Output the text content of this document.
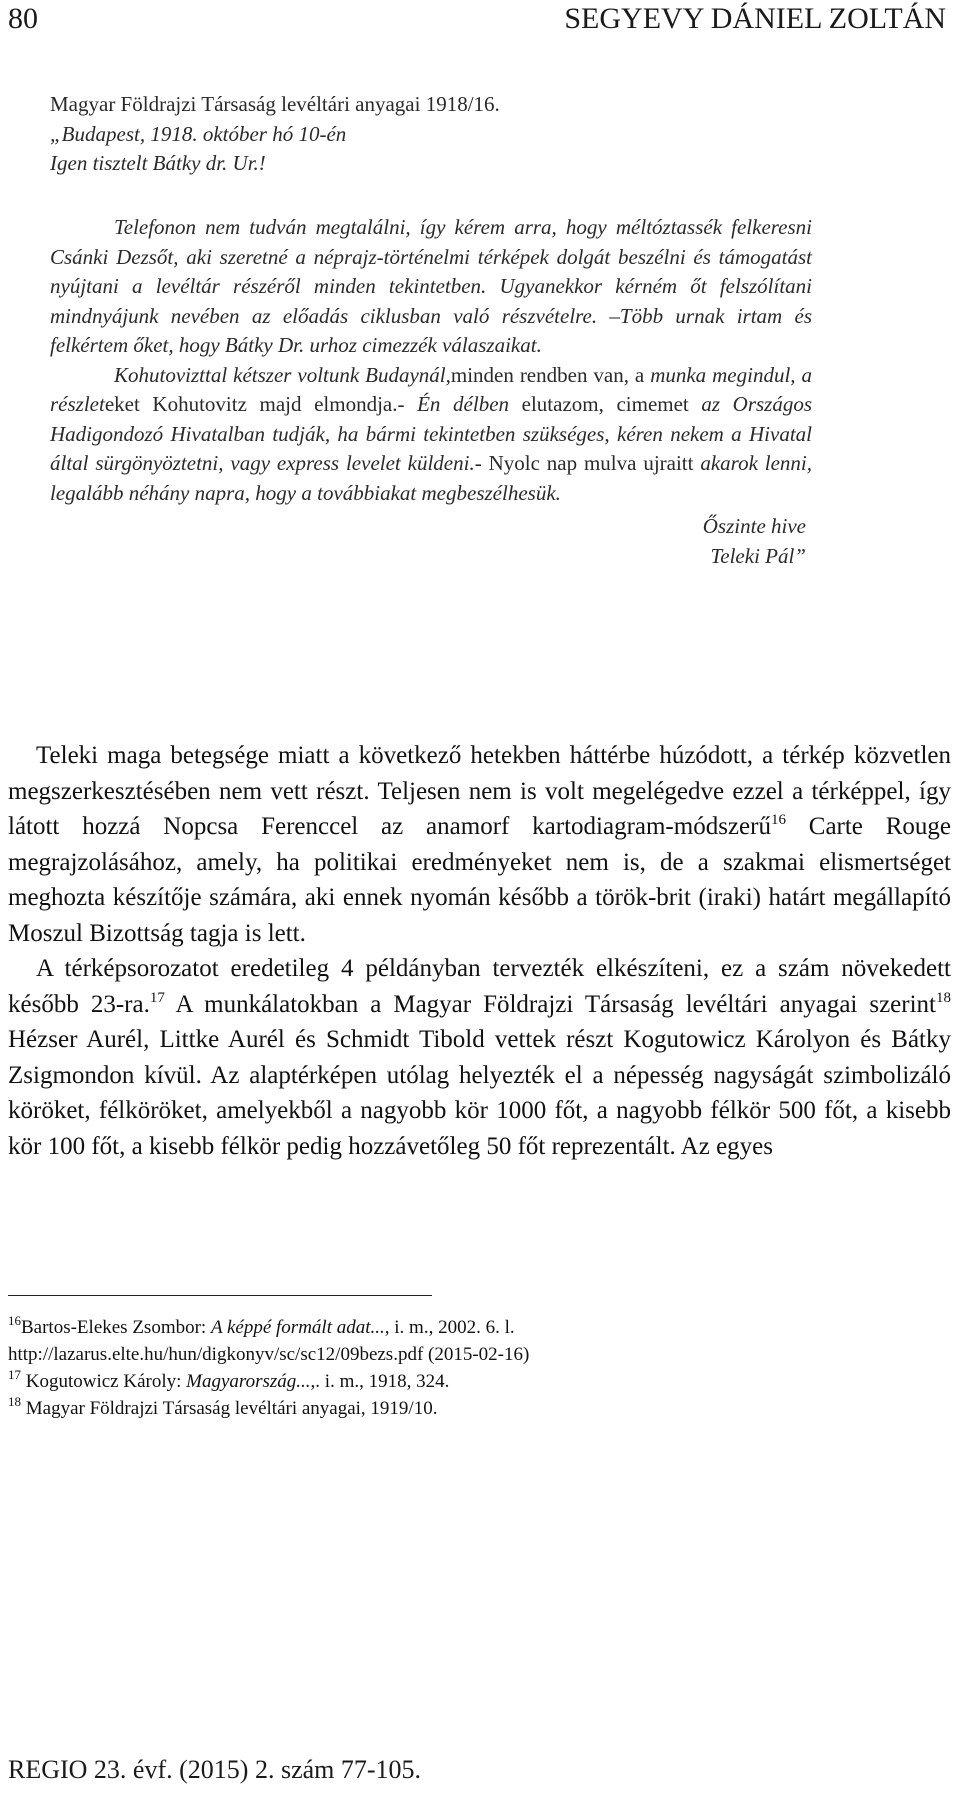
80	SEGYEVY DÁNIEL ZOLTÁN
Magyar Földrajzi Társaság levéltári anyagai 1918/16.
„Budapest, 1918. október hó 10-én
Igen tisztelt Bátky dr. Ur.!

Telefonon nem tudván megtalálni, így kérem arra, hogy méltóztassék felkeresni Csánki Dezsőt, aki szeretné a néprajz-történelmi térképek dolgát beszélni és támogatást nyújtani a levéltár részéről minden tekintetben. Ugyanekkor kérném őt felszólítani mindnyájunk nevében az előadás ciklusban való részvételre. –Több urnak irtam és felkértem őket, hogy Bátky Dr. urhoz cimezzék válaszaikat.

Kohutovizttal kétszer voltunk Budaynál,minden rendben van, a munka megindul, a részleteket Kohutovitz majd elmondja.- Én délben elutazom, cimemet az Országos Hadigondozó Hivatalban tudják, ha bármi tekintetben szükséges, kéren nekem a Hivatal által sürgönyöztetni, vagy express levelet küldeni.- Nyolc nap mulva ujraitt akarok lenni, legalább néhány napra, hogy a továbbiakat megbeszélhesük.

Őszinte hive
Teleki Pál”

Teleki maga betegsége miatt a következő hetekben háttérbe húzódott, a térkép közvetlen megszerkesztésében nem vett részt. Teljesen nem is volt megelégedve ezzel a térképpel, így látott hozzá Nopcsa Ferenccel az anamorf kartodiagram-módszerű$^{16}$ Carte Rouge megrajzolásához, amely, ha politikai eredményeket nem is, de a szakmai elismertséget meghozta készítője számára, aki ennek nyomán később a török-brit (iraki) határt megállapító Moszul Bizottság tagja is lett.

A térképsorozatot eredetileg 4 példányban tervezték elkészíteni, ez a szám növekedett később 23-ra.$^{17}$ A munkálatokban a Magyar Földrajzi Társaság levéltári anyagai szerint$^{18}$ Hézser Aurél, Littke Aurél és Schmidt Tibold vettek részt Kogutowicz Károlyon és Bátky Zsigmondon kívül. Az alaptérképen utólag helyezték el a népesség nagyságát szimbolizáló köröket, félköröket, amelyekből a nagyobb kör 1000 főt, a nagyobb félkör 500 főt, a kisebb kör 100 főt, a kisebb félkör pedig hozzávetőleg 50 főt reprezentált. Az egyes

$^{16}$Bartos-Elekes Zsombor: A képpé formált adat..., i. m., 2002. 6. l.

http://lazarus.elte.hu/hun/digkonyv/sc/sc12/09bezs.pdf (2015-02-16)

$^{17}$ Kogutowicz Károly: Magyarország...,. i. m., 1918, 324.

$^{18}$ Magyar Földrajzi Társaság levéltári anyagai, 1919/10.

REGIO 23. évf. (2015) 2. szám 77-105.
